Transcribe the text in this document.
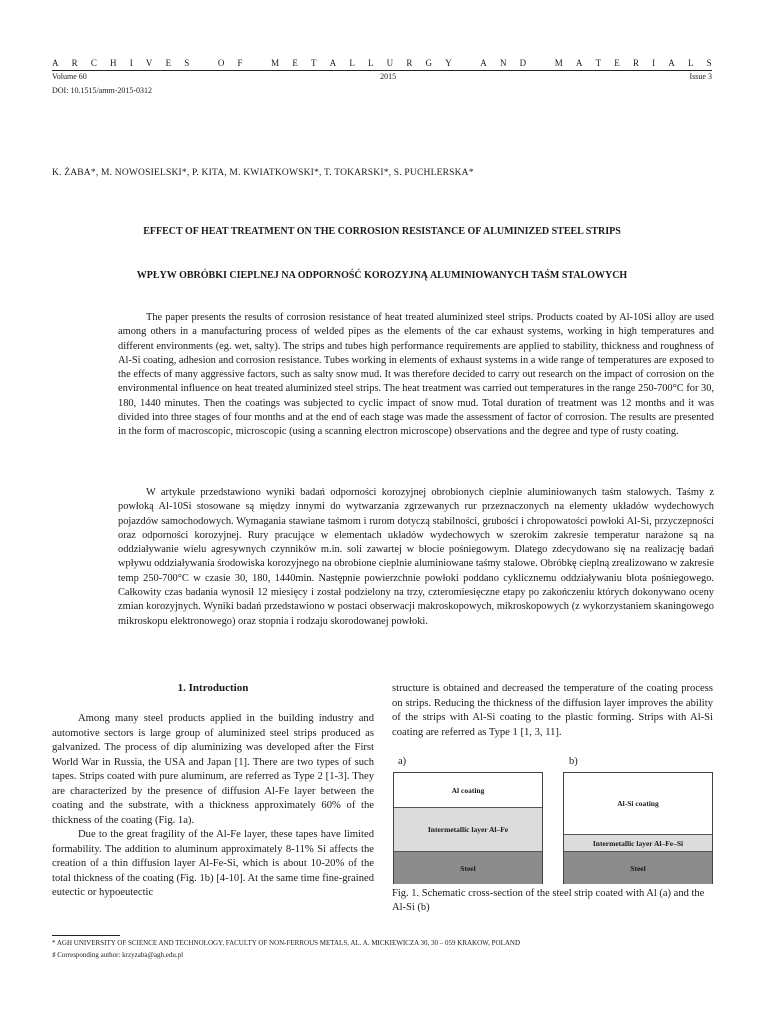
A R C H I V E S
	O F
	M E T A L L U R G Y
	A N D
	M A T E R I A L S
Volume 60	2015	Issue 3
DOI: 10.1515/amm-2015-0312
K. ŻABA*, M. NOWOSIELSKI*, P. KITA, M. KWIATKOWSKI*, T. TOKARSKI*, S. PUCHLERSKA*
EFFECT OF HEAT TREATMENT ON THE CORROSION RESISTANCE OF ALUMINIZED STEEL STRIPS
WPŁYW OBRÓBKI CIEPLNEJ NA ODPORNOŚĆ KOROZYJNĄ ALUMINIOWANYCH TAŚM STALOWYCH

The paper presents the results of corrosion resistance of heat treated aluminized steel strips. Products coated by Al-10Si alloy are used among others in a manufacturing process of welded pipes as the elements of the car exhaust systems, working in high temperatures and different environments (eg. wet, salty). The strips and tubes high performance requirements are applied to stability, thickness and roughness of Al-Si coating, adhesion and corrosion resistance. Tubes working in elements of exhaust systems in a wide range of temperatures are exposed to the effects of many aggressive factors, such as salty snow mud. It was therefore decided to carry out research on the impact of corrosion on the environmental influence on heat treated aluminized steel strips. The heat treatment was carried out temperatures in the range 250-700°C for 30, 180, 1440 minutes. Then the coatings was subjected to cyclic impact of snow mud. Total duration of treatment was 12 months and it was divided into three stages of four months and at the end of each stage was made the assessment of factor of corrosion. The results are presented in the form of macroscopic, microscopic (using a scanning electron microscope) observations and the degree and type of rusty coating.

W artykule przedstawiono wyniki badań odporności korozyjnej obrobionych cieplnie aluminiowanych taśm stalowych. Taśmy z powłoką Al-10Si stosowane są między innymi do wytwarzania zgrzewanych rur przeznaczonych na elementy układów wydechowych pojazdów samochodowych. Wymagania stawiane taśmom i rurom dotyczą stabilności, grubości i chropowatości powłoki Al-Si, przyczepności oraz odporności korozyjnej. Rury pracujące w elementach układów wydechowych w szerokim zakresie temperatur narażone są na oddziaływanie wielu agresywnych czynników m.in. soli zawartej w błocie pośniegowym. Dlatego zdecydowano się na realizację badań wpływu oddziaływania środowiska korozyjnego na obrobione cieplnie aluminiowane taśmy stalowe. Obróbkę cieplną zrealizowano w zakresie temp 250-700°C w czasie 30, 180, 1440min. Następnie powierzchnie powłoki poddano cyklicznemu oddziaływaniu błota pośniegowego. Całkowity czas badania wynosił 12 miesięcy i został podzielony na trzy, czteromiesięczne etapy po zakończeniu których dokonywano oceny zmian korozyjnych. Wyniki badań przedstawiono w postaci obserwacji makroskopowych, mikroskopowych (z wykorzystaniem skaningowego mikroskopu elektronowego) oraz stopnia i rodzaju skorodowanej powłoki.

1. Introduction

Among many steel products applied in the building industry and automotive sectors is large group of aluminized steel strips produced as galvanized. The process of dip aluminizing was developed after the First World War in Russia, the USA and Japan [1]. There are two types of such tapes. Strips coated with pure aluminum, are referred as Type 2 [1-3]. They are characterized by the presence of diffusion Al-Fe layer between the coating and the substrate, with a thickness approximately 60% of the thickness of the coating (Fig. 1a).

Due to the great fragility of the Al-Fe layer, these tapes have limited formability. The addition to aluminum approximately 8-11% Si affects the creation of a thin diffusion layer Al-Fe-Si, which is about 10-20% of the total thickness of the coating (Fig. 1b) [4-10]. At the same time fine-grained eutectic or hypoeutectic

structure is obtained and decreased the temperature of the coating process on strips. Reducing the thickness of the diffusion layer improves the ability of the strips with Al-Si coating to the plastic forming. Strips with Al-Si coating are referred as Type 1 [1, 3, 11].

a)	b)
Al coating
Intermetallic layer Al–Fe
Steel
Al-Si coating
Intermetallic layer Al–Fe–Si
Steel

Fig. 1. Schematic cross-section of the steel strip coated with Al (a) and the Al-Si (b)

* AGH UNIVERSITY OF SCIENCE AND TECHNOLOGY, FACULTY OF NON-FERROUS METALS, AL. A. MICKIEWICZA 30, 30 – 059 KRAKOW, POLAND
♯ Corresponding author: krzyzaba@agh.edu.pl
